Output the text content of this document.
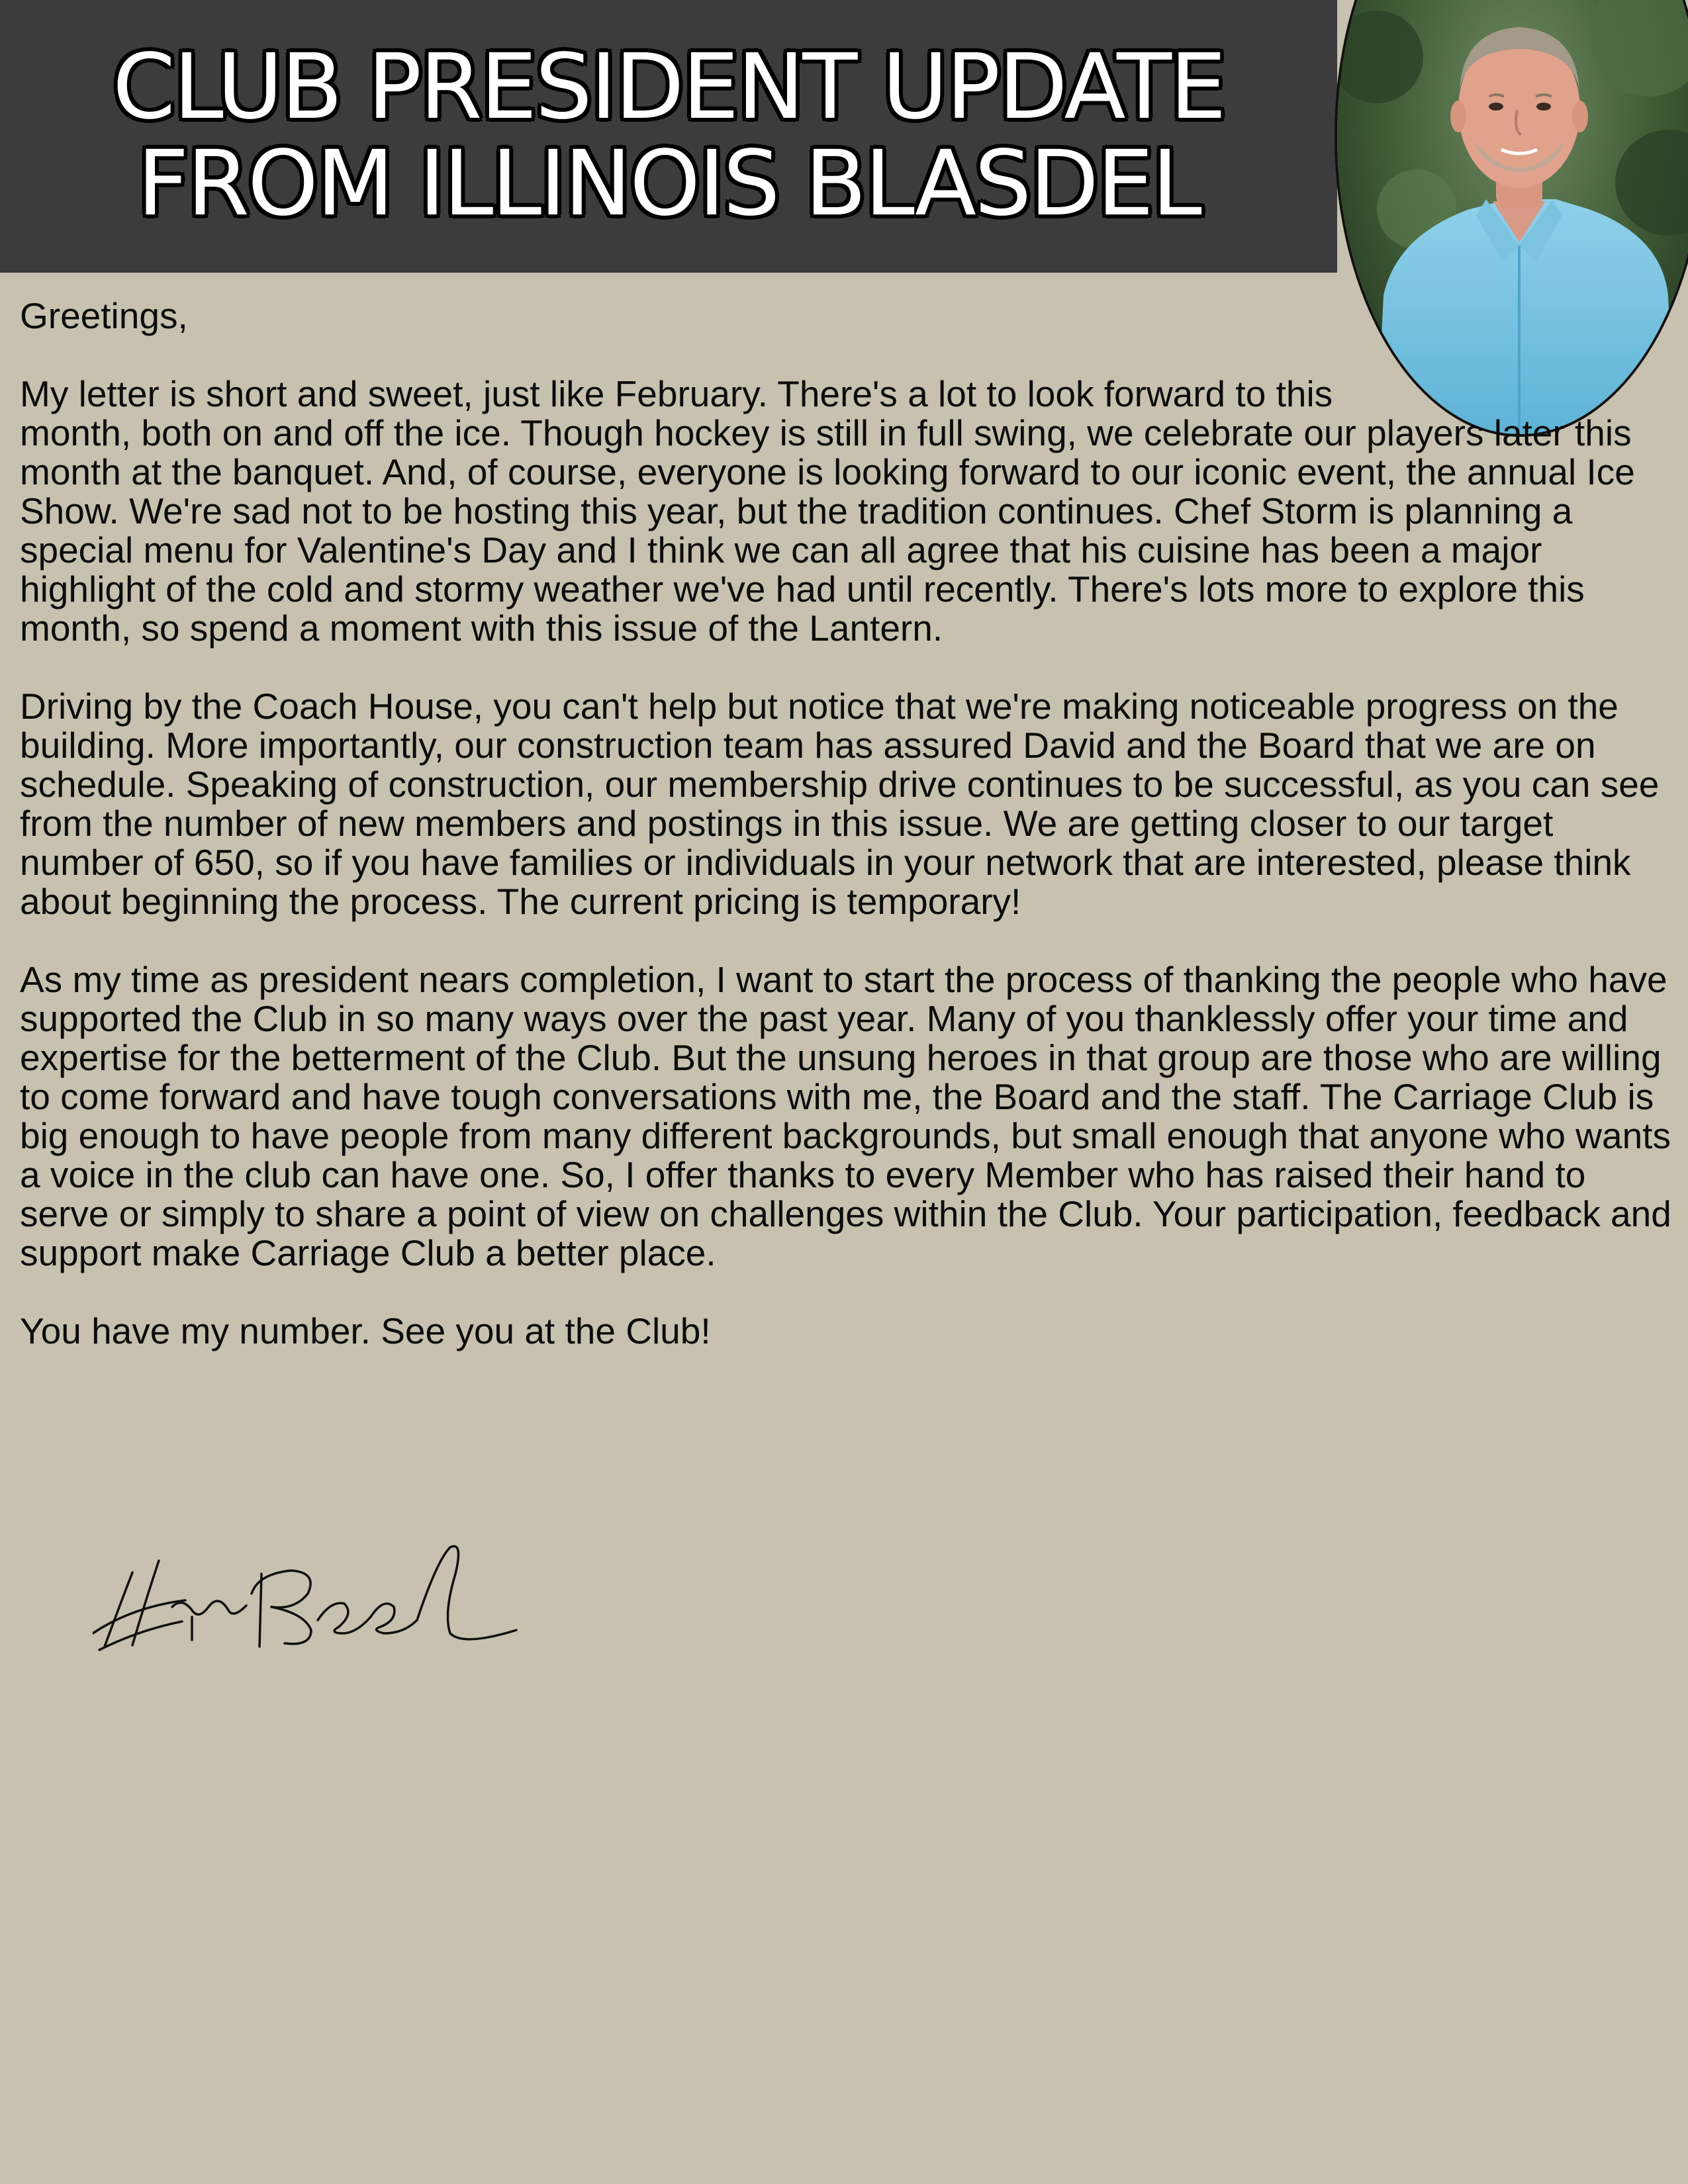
CLUB PRESIDENT UPDATE
FROM ILLINOIS BLASDEL

Greetings,

My letter is short and sweet, just like February. There's a lot to look forward to this month, both on and off the ice. Though hockey is still in full swing, we celebrate our players later this month at the banquet. And, of course, everyone is looking forward to our iconic event, the annual Ice Show. We're sad not to be hosting this year, but the tradition continues. Chef Storm is planning a special menu for Valentine's Day and I think we can all agree that his cuisine has been a major highlight of the cold and stormy weather we've had until recently. There's lots more to explore this month, so spend a moment with this issue of the Lantern.

Driving by the Coach House, you can't help but notice that we're making noticeable progress on the building. More importantly, our construction team has assured David and the Board that we are on schedule. Speaking of construction, our membership drive continues to be successful, as you can see from the number of new members and postings in this issue. We are getting closer to our target number of 650, so if you have families or individuals in your network that are interested, please think about beginning the process. The current pricing is temporary!

As my time as president nears completion, I want to start the process of thanking the people who have supported the Club in so many ways over the past year. Many of you thanklessly offer your time and expertise for the betterment of the Club. But the unsung heroes in that group are those who are willing to come forward and have tough conversations with me, the Board and the staff. The Carriage Club is big enough to have people from many different backgrounds, but small enough that anyone who wants a voice in the club can have one. So, I offer thanks to every Member who has raised their hand to serve or simply to share a point of view on challenges within the Club. Your participation, feedback and support make Carriage Club a better place.

You have my number. See you at the Club!
